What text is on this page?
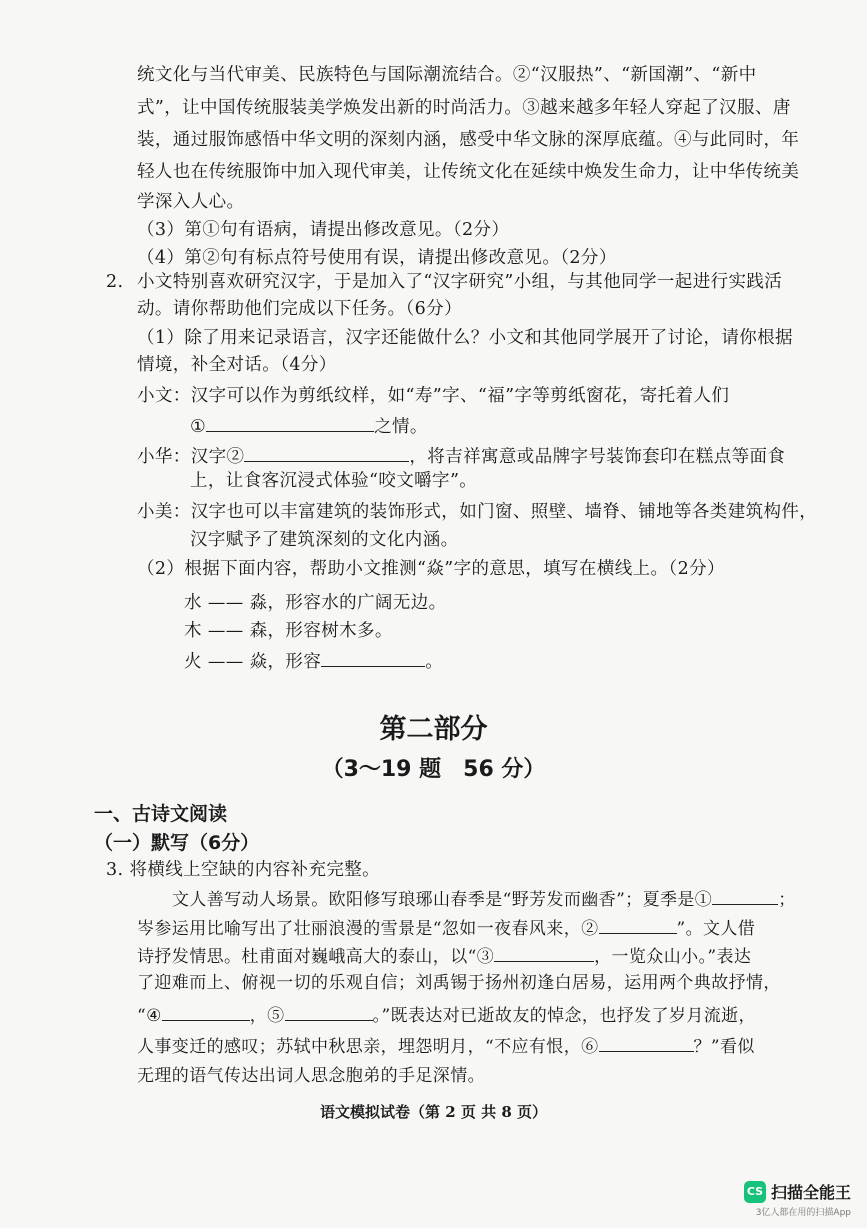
统文化与当代审美、民族特色与国际潮流结合。②“汉服热”、“新国潮”、“新中
式”，让中国传统服装美学焕发出新的时尚活力。③越来越多年轻人穿起了汉服、唐
装，通过服饰感悟中华文明的深刻内涵，感受中华文脉的深厚底蕴。④与此同时，年
轻人也在传统服饰中加入现代审美，让传统文化在延续中焕发生命力，让中华传统美
学深入人心。
（3）第①句有语病，请提出修改意见。（2分）
（4）第②句有标点符号使用有误，请提出修改意见。（2分）
2. 小文特别喜欢研究汉字，于是加入了“汉字研究”小组，与其他同学一起进行实践活
动。请你帮助他们完成以下任务。（6分）
（1）除了用来记录语言，汉字还能做什么？小文和其他同学展开了讨论，请你根据
情境，补全对话。（4分）
小文：汉字可以作为剪纸纹样，如“寿”字、“福”字等剪纸窗花，寄托着人们
①	之情。
小华：汉字②	，将吉祥寓意或品牌字号装饰套印在糕点等面食
上，让食客沉浸式体验“咬文嚼字”。
小美：汉字也可以丰富建筑的装饰形式，如门窗、照壁、墙脊、铺地等各类建筑构件，
汉字赋予了建筑深刻的文化内涵。
（2）根据下面内容，帮助小文推测“焱”字的意思，填写在横线上。（2分）
水 —— 淼，形容水的广阔无边。
木 —— 森，形容树木多。
火 —— 焱，形容	。
第二部分
（3～19 题　56 分）
一、古诗文阅读
（一）默写（6分）
3. 将横线上空缺的内容补充完整。
文人善写动人场景。欧阳修写琅琊山春季是“野芳发而幽香”；夏季是①	；
岑参运用比喻写出了壮丽浪漫的雪景是“忽如一夜春风来，②	”。文人借
诗抒发情思。杜甫面对巍峨高大的泰山，以“③	，一览众山小。”表达
了迎难而上、俯视一切的乐观自信；刘禹锡于扬州初逢白居易，运用两个典故抒情，
“④	，⑤	。”既表达对已逝故友的悼念，也抒发了岁月流逝，
人事变迁的感叹；苏轼中秋思亲，埋怨明月，“不应有恨，⑥	？”看似
无理的语气传达出词人思念胞弟的手足深情。
语文模拟试卷（第 2 页 共 8 页）
CS 扫描全能王
3亿人都在用的扫描App
